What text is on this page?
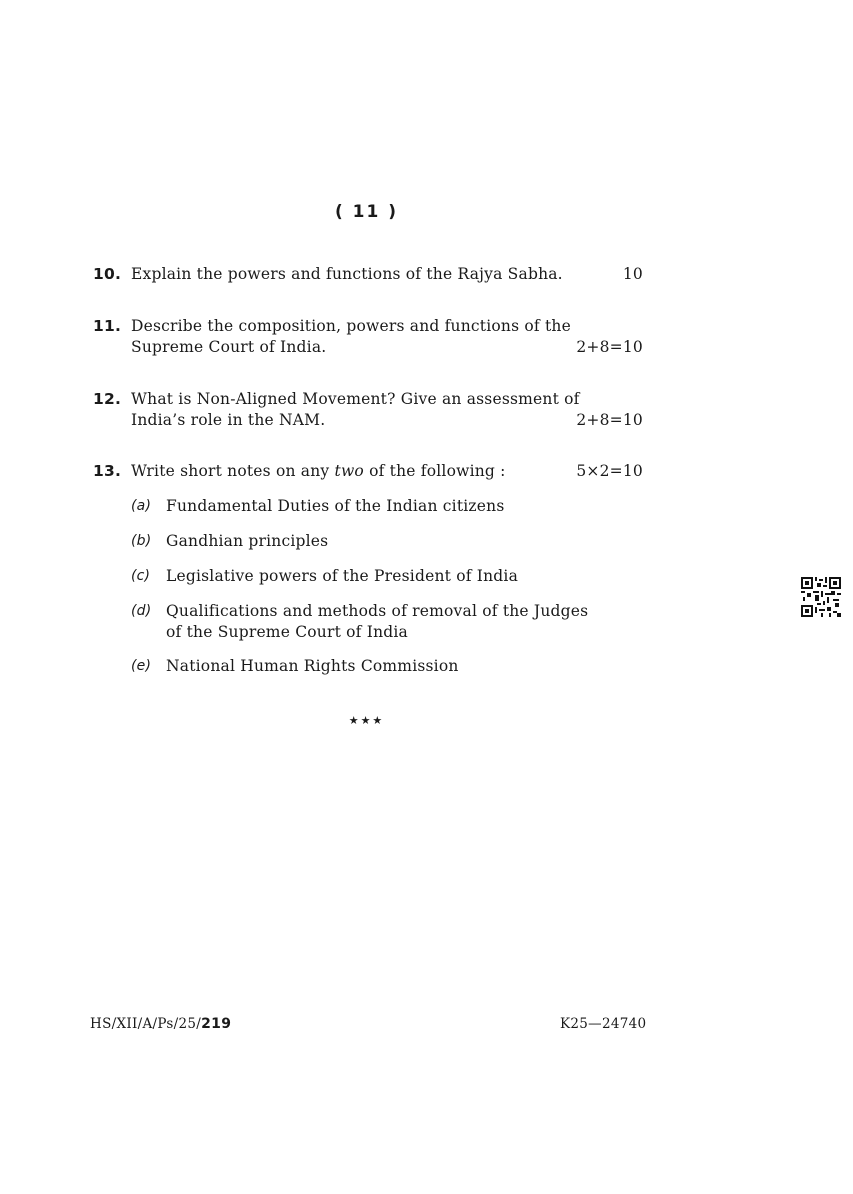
( 11 )
10. Explain the powers and functions of the Rajya Sabha.	10
11. Describe the composition, powers and functions of the
Supreme Court of India.	2+8=10
12. What is Non-Aligned Movement? Give an assessment of
India’s role in the NAM.	2+8=10
13. Write short notes on any two of the following :	5×2=10
(a) Fundamental Duties of the Indian citizens
(b) Gandhian principles
(c) Legislative powers of the President of India
(d) Qualifications and methods of removal of the Judges
of the Supreme Court of India
(e) National Human Rights Commission
★★★
HS/XII/A/Ps/25/219	K25—24740
